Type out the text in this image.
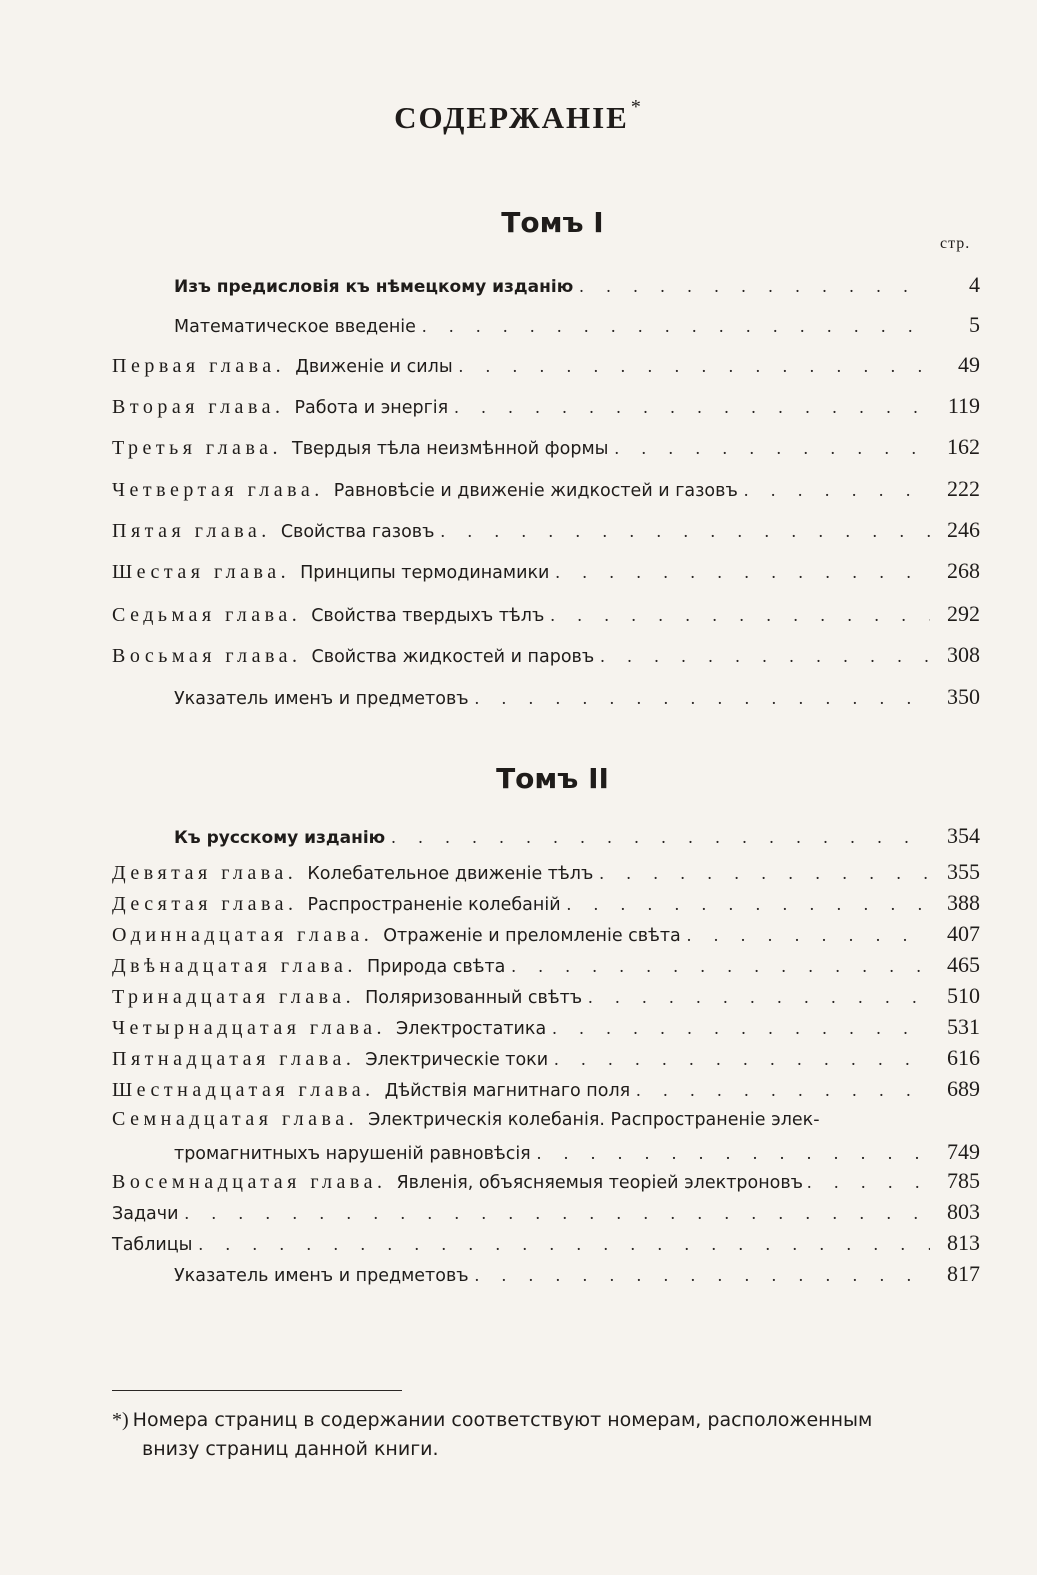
СОДЕРЖАНІЕ *
Томъ I
стр.
Изъ предисловія къ нѣмецкому изданію . . .	4
Математическое введеніе . . .	5
Первая глава. Движеніе и силы . . .	49
Вторая глава. Работа и энергія . . .	119
Третья глава. Твердыя тѣла неизмѣнной формы . . .	162
Четвертая глава. Равновѣсіе и движеніе жидкостей и газовъ . . .	222
Пятая глава. Свойства газовъ . . .	246
Шестая глава. Принципы термодинамики . . .	268
Седьмая глава. Свойства твердыхъ тѣлъ . . .	292
Восьмая глава. Свойства жидкостей и паровъ . . .	308
Указатель именъ и предметовъ . . .	350
Томъ II
Къ русскому изданію . . .	354
Девятая глава. Колебательное движеніе тѣлъ . . .	355
Десятая глава. Распространеніе колебаній . . .	388
Одиннадцатая глава. Отраженіе и преломленіе свѣта . . .	407
Двѣнадцатая глава. Природа свѣта . . .	465
Тринадцатая глава. Поляризованный свѣтъ . . .	510
Четырнадцатая глава. Электростатика . . .	531
Пятнадцатая глава. Электрическіе токи . . .	616
Шестнадцатая глава. Дѣйствія магнитнаго поля . . .	689
Семнадцатая глава. Электрическія колебанія. Распространеніе элек-
тромагнитныхъ нарушеній равновѣсія . . .	749
Восемнадцатая глава. Явленія, объясняемыя теоріей электроновъ . . .	785
Задачи . . .	803
Таблицы . . .	813
Указатель именъ и предметовъ . . .	817
*) Номера страниц в содержании соответствуют номерам, расположенным
внизу страниц данной книги.
